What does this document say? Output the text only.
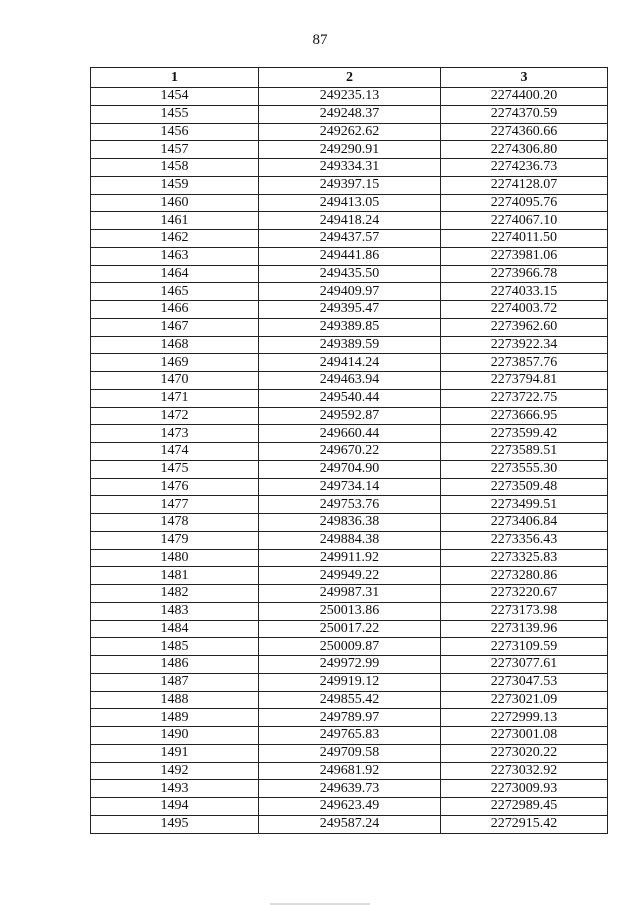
87
1	2	3
1454	249235.13	2274400.20
1455	249248.37	2274370.59
1456	249262.62	2274360.66
1457	249290.91	2274306.80
1458	249334.31	2274236.73
1459	249397.15	2274128.07
1460	249413.05	2274095.76
1461	249418.24	2274067.10
1462	249437.57	2274011.50
1463	249441.86	2273981.06
1464	249435.50	2273966.78
1465	249409.97	2274033.15
1466	249395.47	2274003.72
1467	249389.85	2273962.60
1468	249389.59	2273922.34
1469	249414.24	2273857.76
1470	249463.94	2273794.81
1471	249540.44	2273722.75
1472	249592.87	2273666.95
1473	249660.44	2273599.42
1474	249670.22	2273589.51
1475	249704.90	2273555.30
1476	249734.14	2273509.48
1477	249753.76	2273499.51
1478	249836.38	2273406.84
1479	249884.38	2273356.43
1480	249911.92	2273325.83
1481	249949.22	2273280.86
1482	249987.31	2273220.67
1483	250013.86	2273173.98
1484	250017.22	2273139.96
1485	250009.87	2273109.59
1486	249972.99	2273077.61
1487	249919.12	2273047.53
1488	249855.42	2273021.09
1489	249789.97	2272999.13
1490	249765.83	2273001.08
1491	249709.58	2273020.22
1492	249681.92	2273032.92
1493	249639.73	2273009.93
1494	249623.49	2272989.45
1495	249587.24	2272915.42
